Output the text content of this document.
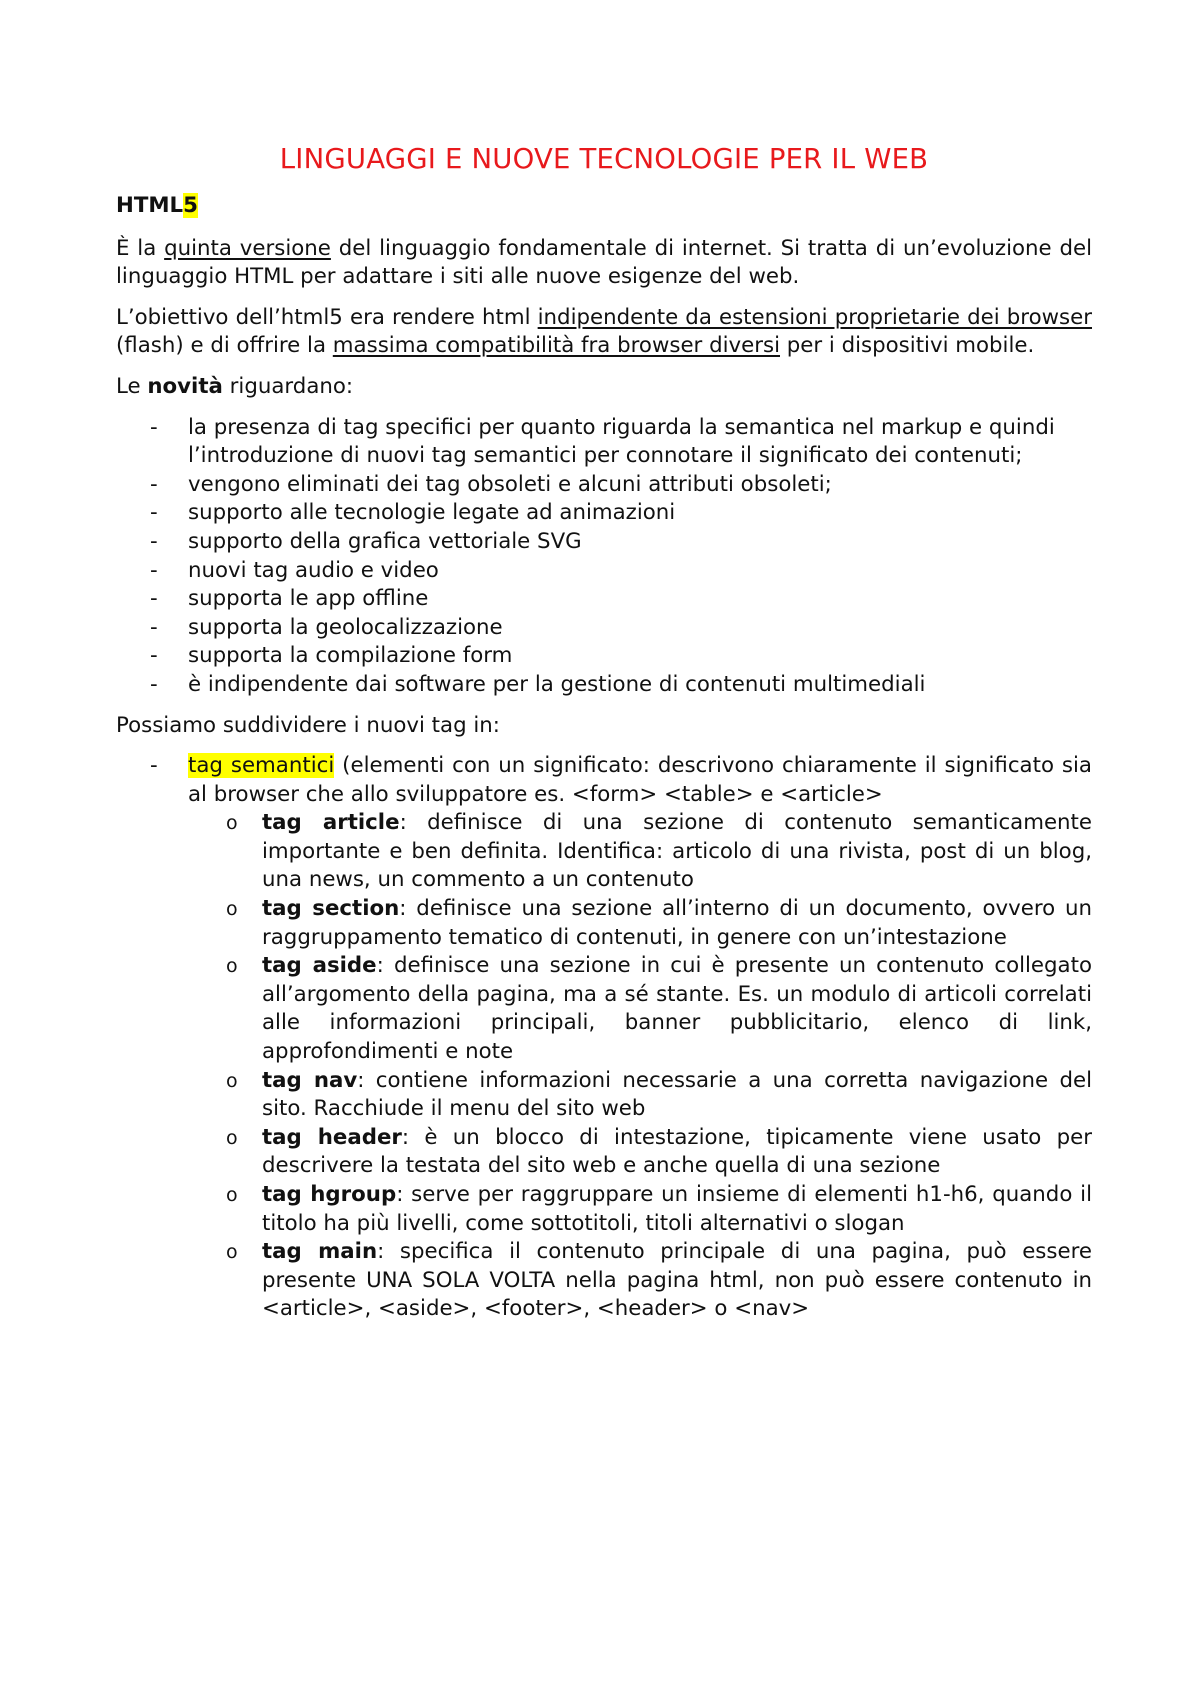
LINGUAGGI E NUOVE TECNOLOGIE PER IL WEB
HTML5

È la quinta versione del linguaggio fondamentale di internet. Si tratta di un’evoluzione del linguaggio HTML per adattare i siti alle nuove esigenze del web.

L’obiettivo dell’html5 era rendere html indipendente da estensioni proprietarie dei browser (flash) e di offrire la massima compatibilità fra browser diversi per i dispositivi mobile.

Le novità riguardano:

- la presenza di tag specifici per quanto riguarda la semantica nel markup e quindi l’introduzione di nuovi tag semantici per connotare il significato dei contenuti;
- vengono eliminati dei tag obsoleti e alcuni attributi obsoleti;
- supporto alle tecnologie legate ad animazioni
- supporto della grafica vettoriale SVG
- nuovi tag audio e video
- supporta le app offline
- supporta la geolocalizzazione
- supporta la compilazione form
- è indipendente dai software per la gestione di contenuti multimediali

Possiamo suddividere i nuovi tag in:

- tag semantici (elementi con un significato: descrivono chiaramente il significato sia al browser che allo sviluppatore es. <form> <table> e <article>
o tag article: definisce di una sezione di contenuto semanticamente importante e ben definita. Identifica: articolo di una rivista, post di un blog, una news, un commento a un contenuto
o tag section: definisce una sezione all’interno di un documento, ovvero un raggruppamento tematico di contenuti, in genere con un’intestazione
o tag aside: definisce una sezione in cui è presente un contenuto collegato all’argomento della pagina, ma a sé stante. Es. un modulo di articoli correlati alle informazioni principali, banner pubblicitario, elenco di link, approfondimenti e note
o tag nav: contiene informazioni necessarie a una corretta navigazione del sito. Racchiude il menu del sito web
o tag header: è un blocco di intestazione, tipicamente viene usato per descrivere la testata del sito web e anche quella di una sezione
o tag hgroup: serve per raggruppare un insieme di elementi h1-h6, quando il titolo ha più livelli, come sottotitoli, titoli alternativi o slogan
o tag main: specifica il contenuto principale di una pagina, può essere presente UNA SOLA VOLTA nella pagina html, non può essere contenuto in <article>, <aside>, <footer>, <header> o <nav>
